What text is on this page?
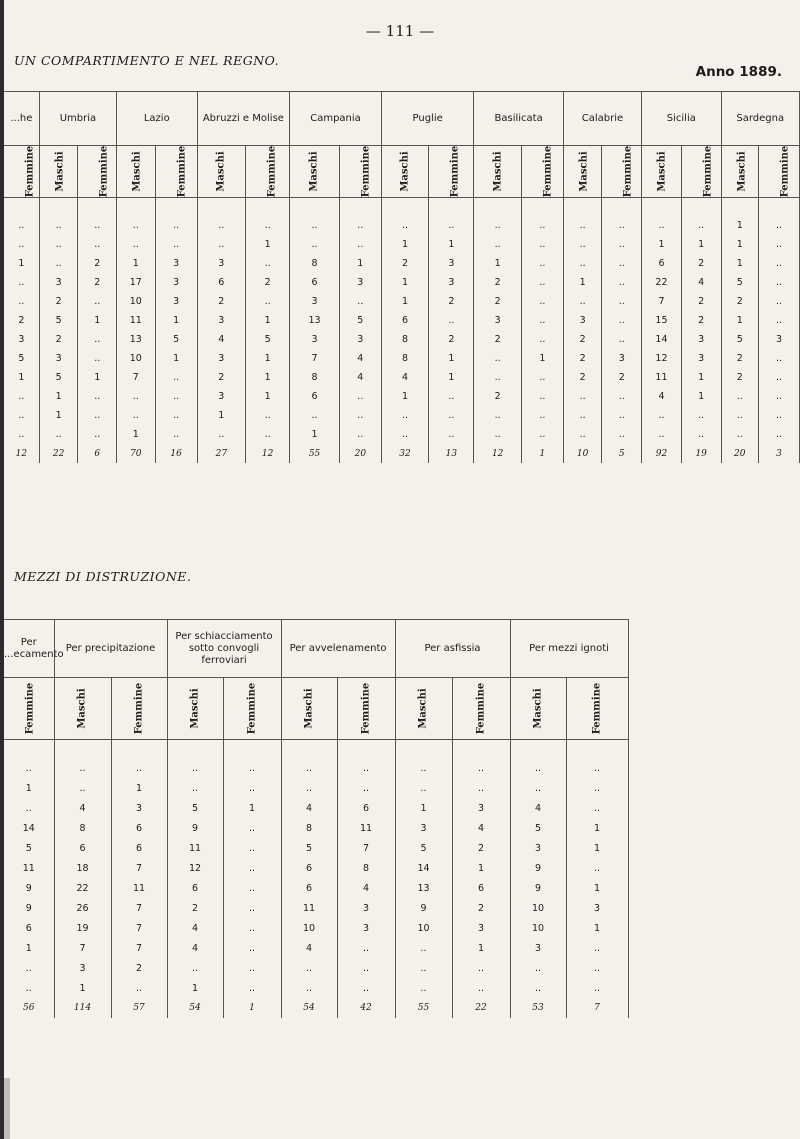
— 111 —
UN COMPARTIMENTO E NEL REGNO.
Anno 1889.
...he	Umbria		Lazio		Abruzzi e Molise		Campania		Puglie		Basilicata		Calabrie		Sicilia		Sardegna	
Femmine	Maschi	Femmine	Maschi	Femmine	Maschi	Femmine	Maschi	Femmine	Maschi	Femmine	Maschi	Femmine	Maschi	Femmine	Maschi	Femmine	Maschi	Femmine

..	..	..	..	..	..	..	..	..	..	..	..	..	..	..	..	..	1	..
..	..	..	..	..	..	1	..	..	1	1	..	..	..	..	1	1	1	..
1	..	2	1	3	3	..	8	1	2	3	1	..	..	..	6	2	1	..
..	3	2	17	3	6	2	6	3	1	3	2	..	1	..	22	4	5	..
..	2	..	10	3	2	..	3	..	1	2	2	..	..	..	7	2	2	..
2	5	1	11	1	3	1	13	5	6	..	3	..	3	..	15	2	1	..
3	2	..	13	5	4	5	3	3	8	2	2	..	2	..	14	3	5	3
5	3	..	10	1	3	1	7	4	8	1	..	1	2	3	12	3	2	..
1	5	1	7	..	2	1	8	4	4	1	..	..	2	2	11	1	2	..
..	1	..	..	..	3	1	6	..	1	..	2	..	..	..	4	1	..	..
..	1	..	..	..	1	..	..	..	..	..	..	..	..	..	..	..	..	..
..	..	..	1	..	..	..	1	..	..	..	..	..	..	..	..	..	..	..
12	22	6	70	16	27	12	55	20	32	13	12	1	10	5	92	19	20	3
MEZZI DI DISTRUZIONE.
Per ...ecamento	Per precipitazione		Per schiacciamento sotto convogli ferroviari		Per avvelenamento		Per asfissia		Per mezzi ignoti	
Femmine	Maschi	Femmine	Maschi	Femmine	Maschi	Femmine	Maschi	Femmine	Maschi	Femmine

..	..	..	..	..	..	..	..	..	..	..
1	..	1	..	..	..	..	..	..	..	..
..	4	3	5	1	4	6	1	3	4	..
14	8	6	9	..	8	11	3	4	5	1
5	6	6	11	..	5	7	5	2	3	1
11	18	7	12	..	6	8	14	1	9	..
9	22	11	6	..	6	4	13	6	9	1
9	26	7	2	..	11	3	9	2	10	3
6	19	7	4	..	10	3	10	3	10	1
1	7	7	4	..	4	..	..	1	3	..
..	3	2	..	..	..	..	..	..	..	..
..	1	..	1	..	..	..	..	..	..	..
56	114	57	54	1	54	42	55	22	53	7
